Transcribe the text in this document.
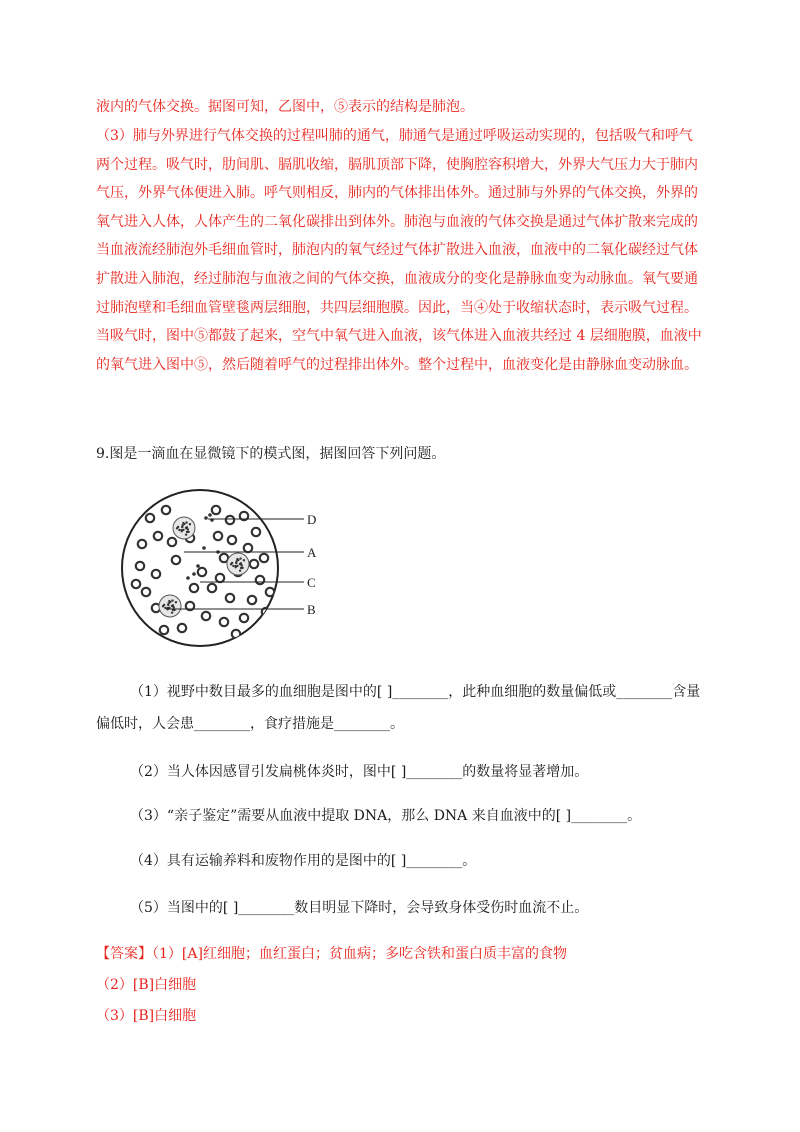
液内的气体交换。据图可知，乙图中，⑤表示的结构是肺泡。

（3）肺与外界进行气体交换的过程叫肺的通气，肺通气是通过呼吸运动实现的，包括吸气和呼气
两个过程。吸气时，肋间肌、膈肌收缩，膈肌顶部下降，使胸腔容积增大，外界大气压力大于肺内
气压，外界气体便进入肺。呼气则相反，肺内的气体排出体外。通过肺与外界的气体交换，外界的
氧气进入人体，人体产生的二氧化碳排出到体外。肺泡与血液的气体交换是通过气体扩散来完成的
当血液流经肺泡外毛细血管时，肺泡内的氧气经过气体扩散进入血液，血液中的二氧化碳经过气体
扩散进入肺泡，经过肺泡与血液之间的气体交换，血液成分的变化是静脉血变为动脉血。氧气要通
过肺泡壁和毛细血管壁毯两层细胞，共四层细胞膜。因此，当④处于收缩状态时，表示吸气过程。
当吸气时，图中⑤都鼓了起来，空气中氧气进入血液，该气体进入血液共经过 4 层细胞膜，血液中
的氧气进入图中⑤，然后随着呼气的过程排出体外。整个过程中，血液变化是由静脉血变动脉血。

9.图是一滴血在显微镜下的模式图，据图回答下列问题。

D
A
C
B

（1）视野中数目最多的血细胞是图中的[ ]________，此种血细胞的数量偏低或________含量

偏低时，人会患________，食疗措施是________。

（2）当人体因感冒引发扁桃体炎时，图中[ ]________的数量将显著增加。

（3）“亲子鉴定”需要从血液中提取 DNA，那么 DNA 来自血液中的[ ]________。

（4）具有运输养料和废物作用的是图中的[ ]________。

（5）当图中的[ ]________数目明显下降时，会导致身体受伤时血流不止。

【答案】（1）[A]红细胞；血红蛋白；贫血病；多吃含铁和蛋白质丰富的食物

（2）[B]白细胞

（3）[B]白细胞
